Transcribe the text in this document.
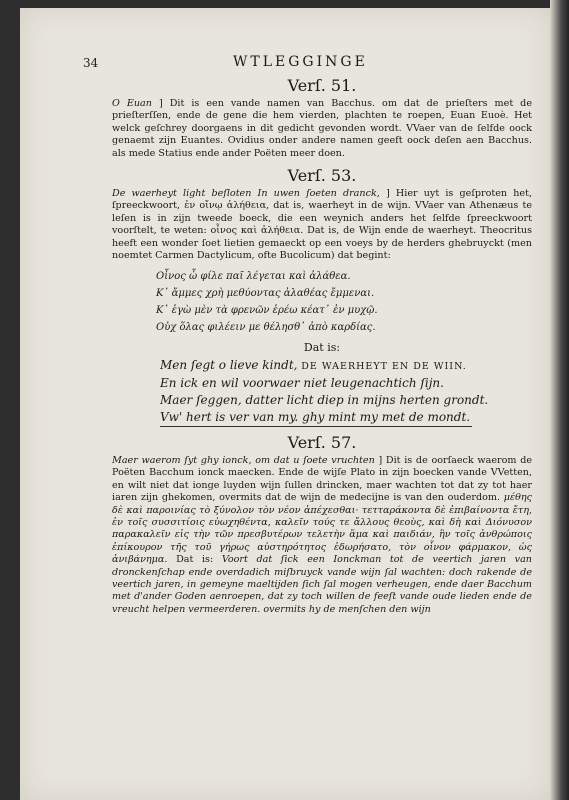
34	WTLEGGINGE
Verſ. 51.

O Euan ] Dit is een vande namen van Bacchus. om dat de prieſters met de prieſterſſen, ende de gene die hem vierden, plachten te roepen, Euan Euoè. Het welck geſchrey doorgaens in dit gedicht gevonden wordt. VVaer van de ſelfde oock genaemt zijn Euantes. Ovidius onder andere namen geeft oock deſen aen Bacchus. als mede Statius ende ander Poëten meer doen.

Verſ. 53.

De waerheyt light beſloten In uwen ſoeten dranck, ] Hier uyt is geſproten het, ſpreeckwoort, ἐν οἴνῳ ἀλήθεια, dat is, waerheyt in de wijn. VVaer van Athenæus te leſen is in zijn tweede boeck, die een weynich anders het ſelfde ſpreeckwoort voorſtelt, te weten: οἶνος καὶ ἀλήθεια. Dat is, de Wijn ende de waerheyt. Theocritus heeft een wonder ſoet lietien gemaeckt op een voeys by de herders ghebruyckt (men noemtet Carmen Dactylicum, ofte Bucolicum) dat begint:

Οἶνος ὦ φίλε παῖ λέγεται καὶ ἀλάθεα.
Κ᾽ ἄμμες χρὴ μεθύοντας ἀλαθέας ἔμμεναι.
Κ᾽ ἐγὼ μὲν τὰ φρενῶν ἐρέω κέατ᾽ ἐν μυχῷ.
Οὐχ ὅλας φιλέειν με θέλησθ᾽ ἀπὸ καρδίας.
Dat is:
Men ſegt o lieve kindt, DE WAERHEYT EN DE WIIN.
En ick en wil voorwaer niet leugenachtich ſijn.
Maer ſeggen, datter licht diep in mijns herten grondt.
Vw' hert is ver van my. ghy mint my met de mondt.
Verſ. 57.

Maer waerom ſyt ghy ionck, om dat u ſoete vruchten ] Dit is de oorſaeck waerom de Poëten Bacchum ionck maecken. Ende de wijſe Plato in zijn boecken vande VVetten, en wilt niet dat ionge luyden wijn ſullen drincken, maer wachten tot dat zy tot haer iaren zijn ghekomen, overmits dat de wijn de medecijne is van den ouderdom. μέθης δὲ καὶ παροινίας τὸ ξύνολον τὸν νέον ἀπέχεσθαι· τετταράκοντα δὲ ἐπιβαίνοντα ἔτη, ἐν τοῖς συσσιτίοις εὐωχηθέντα, καλεῖν τούς τε ἄλλους θεοὺς, καὶ δὴ καὶ Διόνυσον παρακαλεῖν εἰς τὴν τῶν πρεσβυτέρων τελετὴν ἅμα καὶ παιδιάν, ἣν τοῖς ἀνθρώποις ἐπίκουρον τῆς τοῦ γήρως αὐστηρότητος ἐδωρήσατο, τὸν οἶνον φάρμακον, ὡς ἀνιβάνημα. Dat is: Voort dat ſick een Ionckman tot de veertich jaren van dronckenſchap ende overdadich miſbruyck vande wijn ſal wachten: doch rakende de veertich jaren, in gemeyne maeltijden ſich ſal mogen verheugen, ende daer Bacchum met d'ander Goden aenroepen, dat zy toch willen de feeſt vande oude lieden ende de vreucht helpen vermeerderen. overmits hy de menſchen den wijn
